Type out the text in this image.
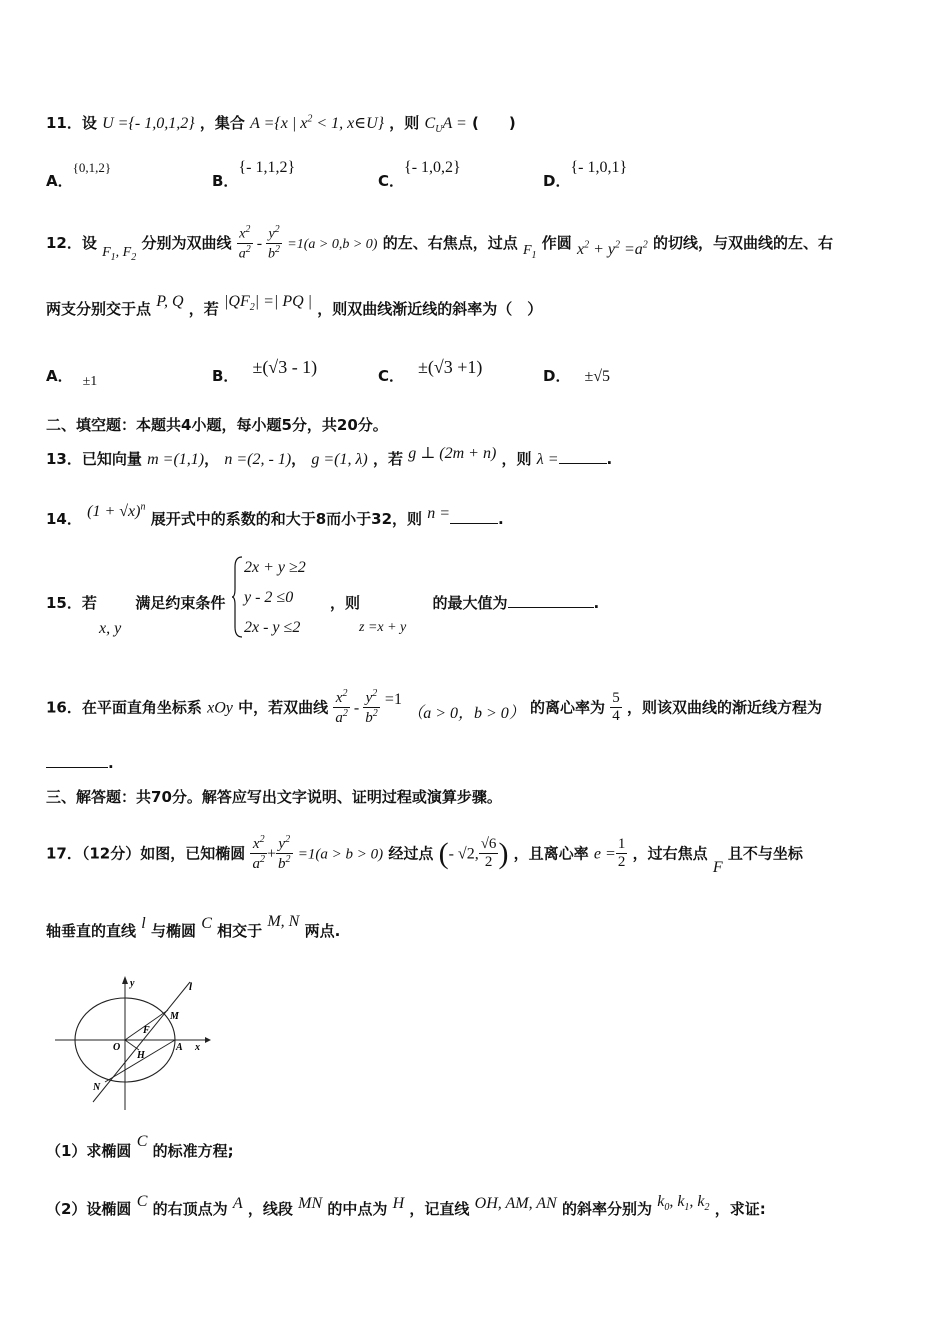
11．设 U ={- 1,0,1,2} ，集合 A ={x | $x^2 < 1$, x∈U} ，则 $C_UA$ = (　　)
A．{0,1,2}
B．{- 1,1,2}
C．{- 1,0,2}
D．{- 1,0,1}
12．设 $F_1$, $F_2$ 分别为双曲线 $\frac{x^2}{a^2} - \frac{y^2}{b^2} =1(a > 0,b > 0)$ 的左、右焦点，过点 $F_1$ 作圆 $x^2 + y^2 =a^2$ 的切线，与双曲线的左、右
两支分别交于点 P, Q ，若 $|QF_2|$ =| PQ | ，则双曲线渐近线的斜率为（　）
A． ±1	B． ±(√3 - 1)	C． ±(√3 +1)	D． ±√5
二、填空题：本题共4小题，每小题5分，共20分。
13．已知向量 m =(1,1)， n =(2, - 1)， g =(1, λ) ，若 g ⊥ (2m + n) ，则 λ =	.
14． $(1 + √x)^n$ 展开式中的系数的和大于8而小于32，则 n =	.
15．若	满足约束条件
x, y
2x + y ≥2
y - 2 ≤0
2x - y ≤2
，则	的最大值为	.
z =x + y
16．在平面直角坐标系 xOy 中，若双曲线 $\frac{x^2}{a^2} - \frac{y^2}{b^2} =1$ （a > 0，b > 0） 的离心率为 $\frac{5}{4}$ ，则该双曲线的渐近线方程为
.
三、解答题：共70分。解答应写出文字说明、证明过程或演算步骤。
17．（12分）如图，已知椭圆 $\frac{x^2}{a^2} + \frac{y^2}{b^2} =1(a > b > 0)$ 经过点 (- √2, $\frac{√6}{2}$ ) ，且离心率 $e = \frac{1}{2}$ ，过右焦点 F 且不与坐标
轴垂直的直线 l 与椭圆 C 相交于 M, N 两点.
y	l
M
F
O
H
A x
N
（1）求椭圆 C 的标准方程;
（2）设椭圆 C 的右顶点为 A ，线段 MN 的中点为 H ，记直线 OH, AM, AN 的斜率分别为 $k_0$, $k_1$, $k_2$ ，求证:
